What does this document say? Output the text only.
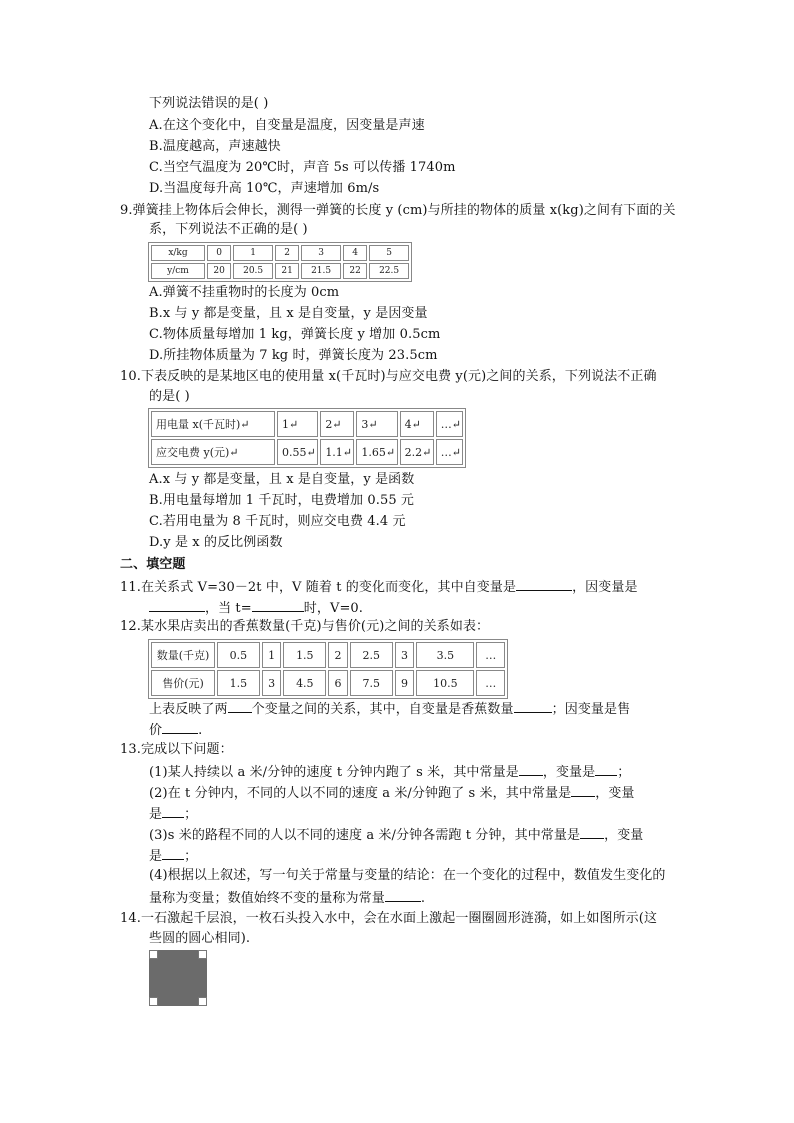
下列说法错误的是( )
A.在这个变化中，自变量是温度，因变量是声速
B.温度越高，声速越快
C.当空气温度为 20℃时，声音 5s 可以传播 1740m
D.当温度每升高 10℃，声速增加 6m/s
9.弹簧挂上物体后会伸长，测得一弹簧的长度 y (cm)与所挂的物体的质量 x(kg)之间有下面的关
系，下列说法不正确的是( )
x/kg	0	1	2	3	4	5
y/cm	20	20.5	21	21.5	22	22.5
A.弹簧不挂重物时的长度为 0cm
B.x 与 y 都是变量，且 x 是自变量，y 是因变量
C.物体质量每增加 1 kg，弹簧长度 y 增加 0.5cm
D.所挂物体质量为 7 kg 时，弹簧长度为 23.5cm
10.下表反映的是某地区电的使用量 x(千瓦时)与应交电费 y(元)之间的关系，下列说法不正确
的是( )
用电量 x(千瓦时)↵	1↵	2↵	3↵	4↵	…↵
应交电费 y(元)↵	0.55↵	1.1↵	1.65↵	2.2↵	…↵
A.x 与 y 都是变量，且 x 是自变量，y 是函数
B.用电量每增加 1 千瓦时，电费增加 0.55 元
C.若用电量为 8 千瓦时，则应交电费 4.4 元
D.y 是 x 的反比例函数
二、填空题
11.在关系式 V=30－2t 中，V 随着 t 的变化而变化，其中自变量是	，因变量是
，当 t=	时，V=0.
12.某水果店卖出的香蕉数量(千克)与售价(元)之间的关系如表：
数量(千克)	0.5	1	1.5	2	2.5	3	3.5	…
售价(元)	1.5	3	4.5	6	7.5	9	10.5	…
上表反映了两 个变量之间的关系，其中，自变量是香蕉数量	；因变量是售
价	.
13.完成以下问题：
(1)某人持续以 a 米/分钟的速度 t 分钟内跑了 s 米，其中常量是 ，变量是 ；
(2)在 t 分钟内，不同的人以不同的速度 a 米/分钟跑了 s 米，其中常量是 ，变量
是 ；
(3)s 米的路程不同的人以不同的速度 a 米/分钟各需跑 t 分钟，其中常量是 ，变量
是 ；
(4)根据以上叙述，写一句关于常量与变量的结论：在一个变化的过程中，数值发生变化的
量称为变量；数值始终不变的量称为常量	.
14.一石激起千层浪，一枚石头投入水中，会在水面上激起一圈圈圆形涟漪，如上如图所示(这
些圆的圆心相同).
